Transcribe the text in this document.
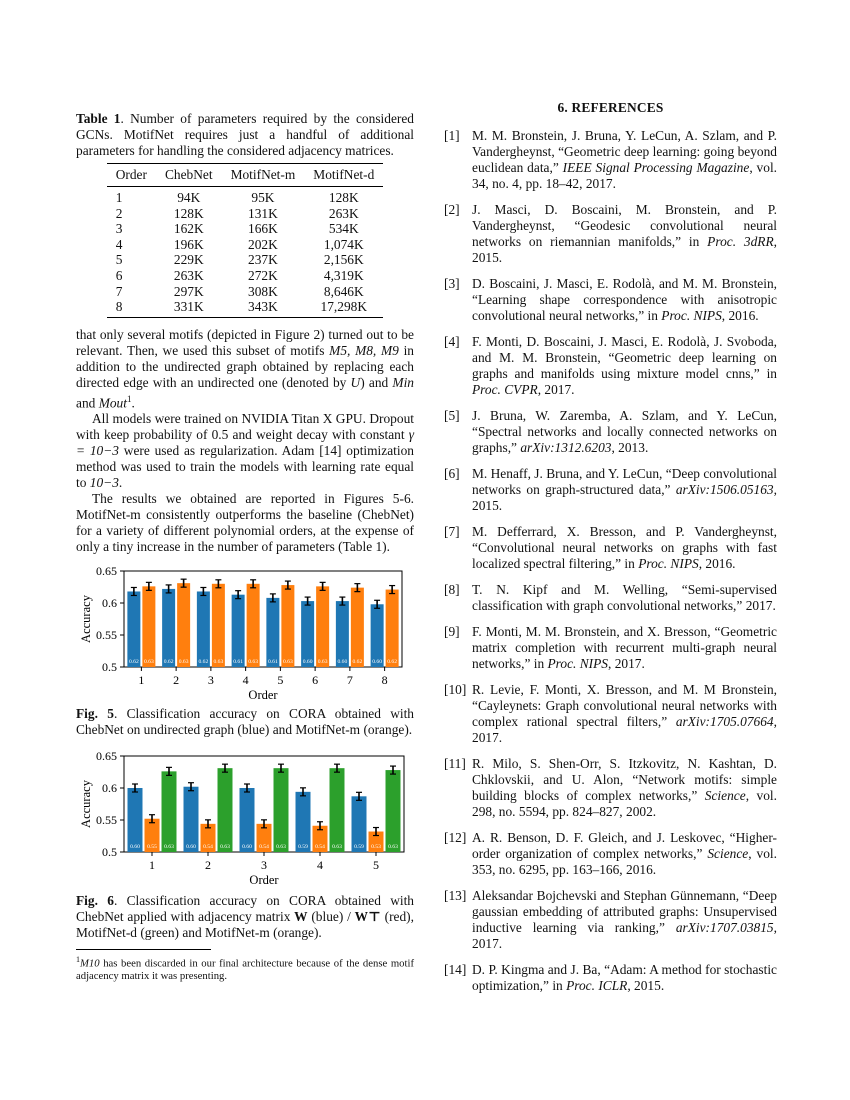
Table 1. Number of parameters required by the considered GCNs. MotifNet requires just a handful of additional parameters for handling the considered adjacency matrices.
Order	ChebNet	MotifNet-m	MotifNet-d
1	94K	95K	128K
2	128K	131K	263K
3	162K	166K	534K
4	196K	202K	1,074K
5	229K	237K	2,156K
6	263K	272K	4,319K
7	297K	308K	8,646K
8	331K	343K	17,298K

that only several motifs (depicted in Figure 2) turned out to be relevant. Then, we used this subset of motifs M5, M8, M9 in addition to the undirected graph obtained by replacing each directed edge with an undirected one (denoted by U) and Min and Mout$^1$.

All models were trained on NVIDIA Titan X GPU. Dropout with keep probability of 0.5 and weight decay with constant γ = 10−3 were used as regularization. Adam [14] optimization method was used to train the models with learning rate equal to 10−3.

The results we obtained are reported in Figures 5-6. MotifNet-m consistently outperforms the baseline (ChebNet) for a variety of different polynomial orders, at the expense of only a tiny increase in the number of parameters (Table 1).

0.5
0.55
0.6
0.65
Accuracy
Order
1
0.62 0.63
2
0.62 0.63
3
0.62 0.63
4
0.61 0.63
5
0.61 0.63
6
0.60 0.63
7
0.60 0.62
8
0.60 0.62
Fig. 5. Classification accuracy on CORA obtained with ChebNet on undirected graph (blue) and MotifNet-m (orange).
0.5
0.55
0.6
0.65
Accuracy
Order
1
0.60 0.55 0.63
2
0.60 0.54 0.63
3
0.60 0.54 0.63
4
0.59 0.54 0.63
5
0.59 0.53 0.63
Fig. 6. Classification accuracy on CORA obtained with ChebNet applied with adjacency matrix W (blue) / W⊤ (red), MotifNet-d (green) and MotifNet-m (orange).
$^1$M10 has been discarded in our final architecture because of the dense motif adjacency matrix it was presenting.
6. REFERENCES
[1] M. M. Bronstein, J. Bruna, Y. LeCun, A. Szlam, and P. Vandergheynst, “Geometric deep learning: going beyond euclidean data,” IEEE Signal Processing Magazine, vol. 34, no. 4, pp. 18–42, 2017.
[2] J. Masci, D. Boscaini, M. Bronstein, and P. Vandergheynst, “Geodesic convolutional neural networks on riemannian manifolds,” in Proc. 3dRR, 2015.
[3] D. Boscaini, J. Masci, E. Rodolà, and M. M. Bronstein, “Learning shape correspondence with anisotropic convolutional neural networks,” in Proc. NIPS, 2016.
[4] F. Monti, D. Boscaini, J. Masci, E. Rodolà, J. Svoboda, and M. M. Bronstein, “Geometric deep learning on graphs and manifolds using mixture model cnns,” in Proc. CVPR, 2017.
[5] J. Bruna, W. Zaremba, A. Szlam, and Y. LeCun, “Spectral networks and locally connected networks on graphs,” arXiv:1312.6203, 2013.
[6] M. Henaff, J. Bruna, and Y. LeCun, “Deep convolutional networks on graph-structured data,” arXiv:1506.05163, 2015.
[7] M. Defferrard, X. Bresson, and P. Vandergheynst, “Convolutional neural networks on graphs with fast localized spectral filtering,” in Proc. NIPS, 2016.
[8] T. N. Kipf and M. Welling, “Semi-supervised classification with graph convolutional networks,” 2017.
[9] F. Monti, M. M. Bronstein, and X. Bresson, “Geometric matrix completion with recurrent multi-graph neural networks,” in Proc. NIPS, 2017.
[10] R. Levie, F. Monti, X. Bresson, and M. M Bronstein, “Cayleynets: Graph convolutional neural networks with complex rational spectral filters,” arXiv:1705.07664, 2017.
[11] R. Milo, S. Shen-Orr, S. Itzkovitz, N. Kashtan, D. Chklovskii, and U. Alon, “Network motifs: simple building blocks of complex networks,” Science, vol. 298, no. 5594, pp. 824–827, 2002.
[12] A. R. Benson, D. F. Gleich, and J. Leskovec, “Higher-order organization of complex networks,” Science, vol. 353, no. 6295, pp. 163–166, 2016.
[13] Aleksandar Bojchevski and Stephan Günnemann, “Deep gaussian embedding of attributed graphs: Unsupervised inductive learning via ranking,” arXiv:1707.03815, 2017.
[14] D. P. Kingma and J. Ba, “Adam: A method for stochastic optimization,” in Proc. ICLR, 2015.
